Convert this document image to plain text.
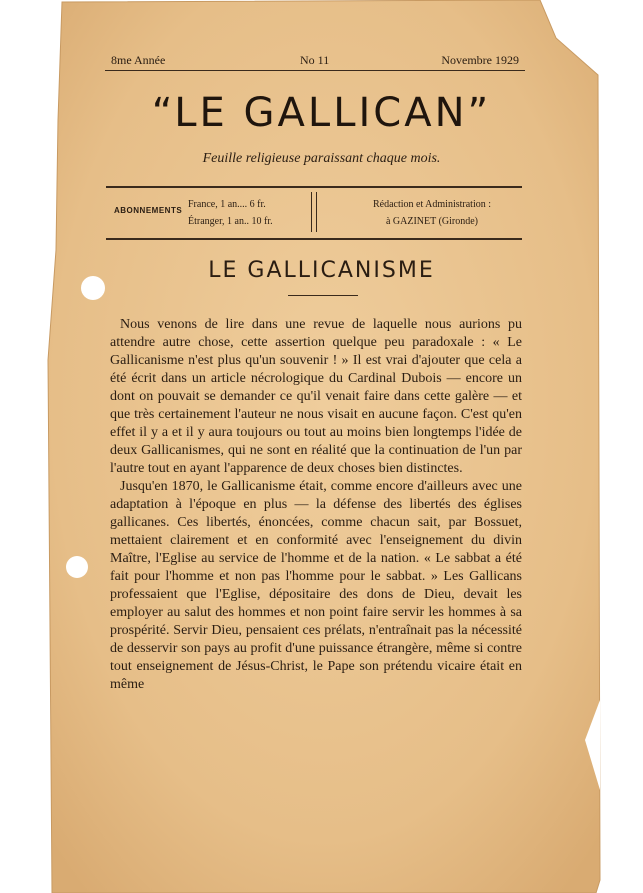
8me Année	No 11	Novembre 1929
“LE GALLICAN”
Feuille religieuse paraissant chaque mois.
ABONNEMENTS
France, 1 an.... 6 fr.
Étranger, 1 an.. 10 fr.
Rédaction et Administration :
à GAZINET (Gironde)
LE GALLICANISME

Nous venons de lire dans une revue de laquelle nous aurions pu attendre autre chose, cette assertion quelque peu paradoxale : « Le Gallicanisme n'est plus qu'un souvenir ! » Il est vrai d'ajouter que cela a été écrit dans un article nécrologique du Cardinal Dubois — encore un dont on pouvait se demander ce qu'il venait faire dans cette galère — et que très certainement l'auteur ne nous visait en aucune façon. C'est qu'en effet il y a et il y aura toujours ou tout au moins bien longtemps l'idée de deux Gallicanismes, qui ne sont en réalité que la continuation de l'un par l'autre tout en ayant l'apparence de deux choses bien distinctes.

Jusqu'en 1870, le Gallicanisme était, comme encore d'ailleurs avec une adaptation à l'époque en plus — la défense des libertés des églises gallicanes. Ces libertés, énoncées, comme chacun sait, par Bossuet, mettaient clairement et en conformité avec l'enseignement du divin Maître, l'Eglise au service de l'homme et de la nation. « Le sabbat a été fait pour l'homme et non pas l'homme pour le sabbat. » Les Gallicans professaient que l'Eglise, dépositaire des dons de Dieu, devait les employer au salut des hommes et non point faire servir les hommes à sa prospérité. Servir Dieu, pensaient ces prélats, n'entraînait pas la nécessité de desservir son pays au profit d'une puissance étrangère, même si contre tout enseignement de Jésus-Christ, le Pape son prétendu vicaire était en même
